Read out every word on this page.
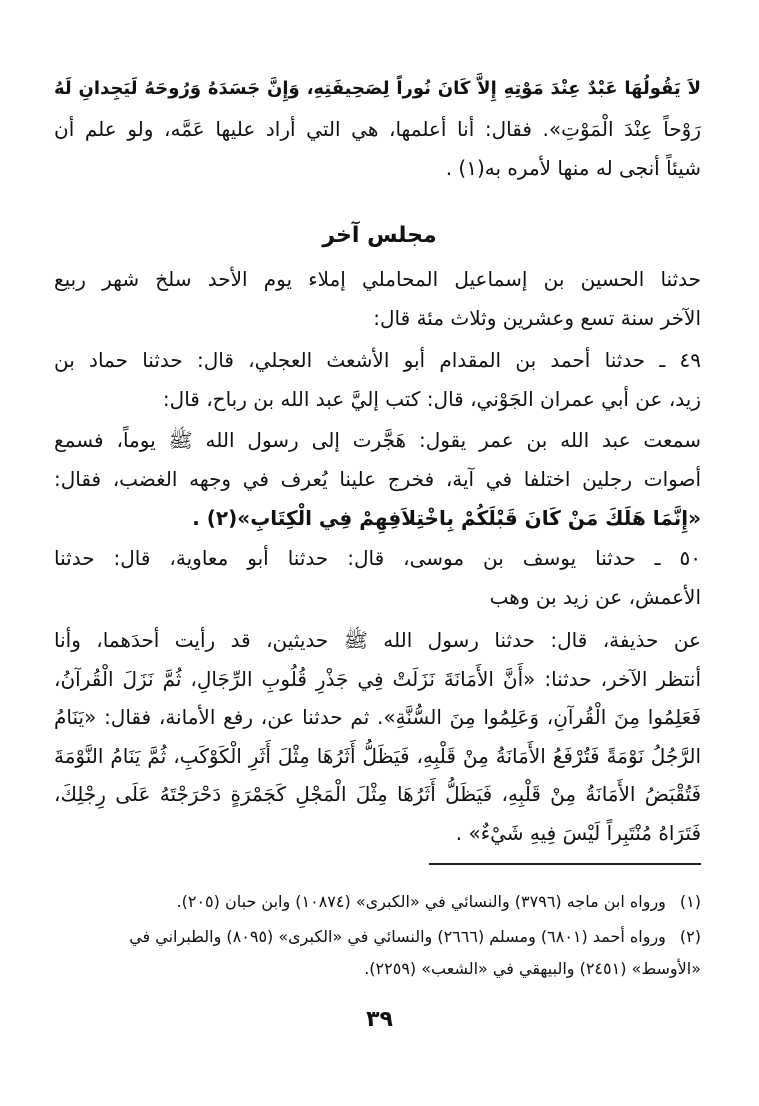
لاَ يَقُولُهَا عَبْدٌ عِنْدَ مَوْتِهِ إِلاَّ كَانَ نُوراً لِصَحِيفَتِهِ، وَإِنَّ جَسَدَهُ وَرُوحَهُ لَيَجِدانِ لَهُ
رَوْحاً عِنْدَ الْمَوْتِ». فقال: أنا أعلمها، هي التي أراد عليها عَمَّه، ولو علم أن
شيئاً أنجى له منها لأمره به(١) .
مجلس آخر
حدثنا الحسين بن إسماعيل المحاملي إملاء يوم الأحد سلخ شهر ربيع
الآخر سنة تسع وعشرين وثلاث مئة قال:
٤٩ ـ حدثنا أحمد بن المقدام أبو الأشعث العجلي، قال: حدثنا حماد بن
زيد، عن أبي عمران الجَوْني، قال: كتب إليَّ عبد الله بن رباح، قال:
سمعت عبد الله بن عمر يقول: هَجَّرت إلى رسول الله ﷺ يوماً، فسمع
أصوات رجلين اختلفا في آية، فخرج علينا يُعرف في وجهه الغضب، فقال:
«إِنَّمَا هَلَكَ مَنْ كَانَ قَبْلَكُمْ بِاخْتِلاَفِهِمْ فِي الْكِتَابِ»(٢) .
٥٠ ـ حدثنا يوسف بن موسى، قال: حدثنا أبو معاوية، قال: حدثنا
الأعمش، عن زيد بن وهب
عن حذيفة، قال: حدثنا رسول الله ﷺ حديثين، قد رأيت أحدَهما، وأنا
أنتظر الآخر، حدثنا: «أَنَّ الأَمَانَةَ نَزَلَتْ فِي جَذْرِ قُلُوبِ الرِّجَالِ، ثُمَّ نَزَلَ الْقُرآنُ،
فَعَلِمُوا مِنَ الْقُرآنِ، وَعَلِمُوا مِنَ السُّنَّةِ». ثم حدثنا عن، رفع الأمانة، فقال: «يَنَامُ
الرَّجُلُ نَوْمَةً فَتُرْفَعُ الأَمَانَةُ مِنْ قَلْبِهِ، فَيَظَلُّ أَثَرُهَا مِثْلَ أَثَرِ الْكَوْكَبِ، ثُمَّ يَنَامُ النَّوْمَةَ
فَتُقْبَضُ الأَمَانَةُ مِنْ قَلْبِهِ، فَيَظَلُّ أَثَرُهَا مِثْلَ الْمَجْلِ كَجَمْرَةٍ دَحْرَجْتَهُ عَلَى رِجْلِكَ،
فَتَرَاهُ مُنْتَبِراً لَيْسَ فِيهِ شَيْءٌ» .
(١) ورواه ابن ماجه (٣٧٩٦) والنسائي في «الكبرى» (١٠٨٧٤) وابن حبان (٢٠٥).
(٢) ورواه أحمد (٦٨٠١) ومسلم (٢٦٦٦) والنسائي في «الكبرى» (٨٠٩٥) والطبراني في
«الأوسط» (٢٤٥١) والبيهقي في «الشعب» (٢٢٥٩).
٣٩
